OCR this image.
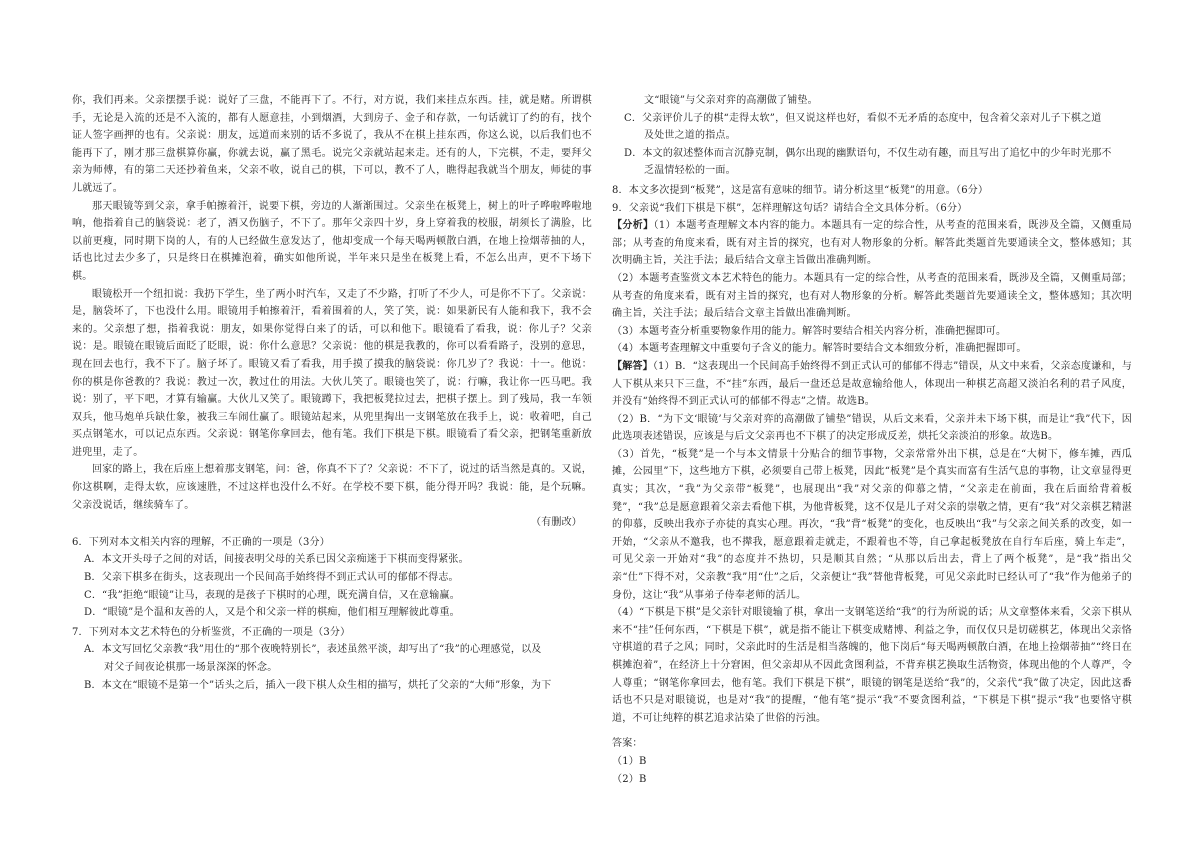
你，我们再来。父亲摆摆手说：说好了三盘，不能再下了。不行，对方说，我们来挂点东西。挂，就是赌。所谓棋手，无论是入流的还是不入流的，都有人愿意挂，小到烟酒，大到房子、金子和存款，一句话就订了约的有，找个证人签字画押的也有。父亲说：朋友，远道而来别的话不多说了，我从不在棋上挂东西，你这么说，以后我们也不能再下了，刚才那三盘棋算你赢，你就去说，赢了黑毛。说完父亲就站起来走。还有的人，下完棋，不走，要拜父亲为师傅，有的第二天还抄着鱼来，父亲不收，说自己的棋，下可以，教不了人，瞧得起我就当个朋友，师徒的事儿就远了。

那天眼镜等到父亲，拿手帕擦着汗，说要下棋，旁边的人渐渐围过。父亲坐在板凳上，树上的叶子哗啦哗啦地响，他指着自己的脑袋说：老了，酒又伤脑子，不下了。那年父亲四十岁，身上穿着我的校服，胡须长了满脸，比以前更瘦，同时期下岗的人，有的人已经做生意发达了，他却变成一个每天喝两顿散白酒，在地上捡烟蒂抽的人，话也比过去少多了，只是终日在棋摊泡着，确实如他所说，半年来只是坐在板凳上看，不怎么出声，更不下场下棋。

眼镜松开一个纽扣说：我扔下学生，坐了两小时汽车，又走了不少路，打听了不少人，可是你不下了。父亲说：是，脑袋坏了，下也没什么用。眼镜用手帕擦着汗，看着围着的人，笑了笑，说：如果新民有人能和我下，我不会来的。父亲想了想，指着我说：朋友，如果你觉得白来了的话，可以和他下。眼镜看了看我，说：你儿子？父亲说：是。眼镜在眼镜后面眨了眨眼，说：你什么意思？父亲说：他的棋是我教的，你可以看看路子，没别的意思，现在回去也行，我不下了。脑子坏了。眼镜又看了看我，用手摸了摸我的脑袋说：你几岁了？我说：十一。他说：你的棋是你爸教的？我说：教过一次，教过仕的用法。大伙儿笑了。眼镜也笑了，说：行嘛，我让你一匹马吧。我说：别了，平下吧，才算有输赢。大伙儿又笑了。眼镜蹲下，我把板凳拉过去，把棋子摆上。到了残局，我一车领双兵，他马炮单兵缺仕象，被我三车闹仕赢了。眼镜站起来，从兜里掏出一支钢笔放在我手上，说：收着吧，自己买点钢笔水，可以记点东西。父亲说：钢笔你拿回去，他有笔。我们下棋是下棋。眼镜看了看父亲，把钢笔重新放进兜里，走了。

回家的路上，我在后座上想着那支钢笔，问：爸，你真不下了？父亲说：不下了，说过的话当然是真的。又说，你这棋啊，走得太软，应该速胜，不过这样也没什么不好。在学校不要下棋，能分得开吗？我说：能，是个玩嘛。父亲没说话，继续骑车了。

（有删改）

6．下列对本文相关内容的理解，不正确的一项是（3分）

A．本文开头母子之间的对话，间接表明父母的关系已因父亲痴迷于下棋而变得紧张。

B．父亲下棋多在街头，这表现出一个民间高手始终得不到正式认可的郁郁不得志。

C．“我”拒绝“眼镜”让马，表现的是孩子下棋时的心理，既充满自信，又在意输赢。

D．“眼镜”是个温和友善的人，又是个和父亲一样的棋痴，他们相互理解彼此尊重。

7．下列对本文艺术特色的分析鉴赏，不正确的一项是（3分）

A．本文写回忆父亲教“我”用仕的“那个夜晚特别长”，表述虽然平淡，却写出了“我”的心理感觉，以及

对父子间夜论棋那一场景深深的怀念。

B．本文在“眼镜不是第一个”话头之后，插入一段下棋人众生相的描写，烘托了父亲的“大师”形象，为下

文“眼镜”与父亲对弈的高潮做了铺垫。

C．父亲评价儿子的棋“走得太软”，但又说这样也好，看似不无矛盾的态度中，包含着父亲对儿子下棋之道

及处世之道的指点。

D．本文的叙述整体而言沉静克制，偶尔出现的幽默语句，不仅生动有趣，而且写出了追忆中的少年时光那不

乏温情轻松的一面。

8．本文多次提到“板凳”，这是富有意味的细节。请分析这里“板凳”的用意。（6分）

9．父亲说“我们下棋是下棋”，怎样理解这句话？请结合全文具体分析。（6分）

【分析】（1）本题考查理解文本内容的能力。本题具有一定的综合性，从考查的范围来看，既涉及全篇，又侧重局部；从考查的角度来看，既有对主旨的探究，也有对人物形象的分析。解答此类题首先要通读全文，整体感知；其次明确主旨，关注手法；最后结合文章主旨做出准确判断。

（2）本题考查鉴赏文本艺术特色的能力。本题具有一定的综合性，从考查的范围来看，既涉及全篇，又侧重局部；从考查的角度来看，既有对主旨的探究，也有对人物形象的分析。解答此类题首先要通读全文，整体感知；其次明确主旨，关注手法；最后结合文章主旨做出准确判断。

（3）本题考查分析重要物象作用的能力。解答时要结合相关内容分析，准确把握即可。

（4）本题考查理解文中重要句子含义的能力。解答时要结合文本细致分析，准确把握即可。

【解答】（1）B．“这表现出一个民间高手始终得不到正式认可的郁郁不得志”错误，从文中来看，父亲态度谦和，与人下棋从来只下三盘，不“挂”东西，最后一盘还总是故意输给他人，体现出一种棋艺高超又淡泊名利的君子风度，并没有“始终得不到正式认可的郁郁不得志”之情。故选B。

（2）B．“为下文‘眼镜’与父亲对弈的高潮做了铺垫”错误，从后文来看，父亲并未下场下棋，而是让“我”代下，因此选项表述错误，应该是与后文父亲再也不下棋了的决定形成反差，烘托父亲淡泊的形象。故选B。

（3）首先，“板凳”是一个与本文情景十分贴合的细节事物，父亲常常外出下棋，总是在“大树下，修车摊，西瓜摊，公园里”下，这些地方下棋，必须要自己带上板凳，因此“板凳”是个真实而富有生活气息的事物，让文章显得更真实；其次，“我”为父亲带“板凳”，也展现出“我”对父亲的仰慕之情，“父亲走在前面，我在后面给背着板凳”，“我”总是愿意跟着父亲去看他下棋，为他背板凳，这不仅是儿子对父亲的崇敬之情，更有“我”对父亲棋艺精湛的仰慕，反映出我亦子亦徒的真实心理。再次，“我”背“板凳”的变化，也反映出“我”与父亲之间关系的改变，如一开始，“父亲从不邀我，也不撵我，愿意跟着走就走，不跟着也不等，自己拿起板凳放在自行车后座，骑上车走”，可见父亲一开始对“我”的态度并不热切，只是顺其自然；“从那以后出去，背上了两个板凳”，是“我”指出父亲“仕”下得不对，父亲教“我”用“仕”之后，父亲便让“我”替他背板凳，可见父亲此时已经认可了“我”作为他弟子的身份，这让“我”从事弟子侍奉老师的活儿。

（4）“下棋是下棋”是父亲针对眼镜输了棋，拿出一支钢笔送给“我”的行为所说的话；从文章整体来看，父亲下棋从来不“挂”任何东西，“下棋是下棋”，就是指不能让下棋变成赌博、利益之争，而仅仅只是切磋棋艺，体现出父亲恪守棋道的君子之风；同时，父亲此时的生活是相当落魄的，他下岗后“每天喝两顿散白酒，在地上捡烟蒂抽”“终日在棋摊泡着”，在经济上十分窘困，但父亲却从不因此贪图利益，不背弃棋艺换取生活物资，体现出他的个人尊严，令人尊重；“钢笔你拿回去，他有笔。我们下棋是下棋”，眼镜的钢笔是送给“我”的，父亲代“我”做了决定，因此这番话也不只是对眼镜说，也是对“我”的提醒，“他有笔”提示“我”不要贪图利益，“下棋是下棋”提示“我”也要恪守棋道，不可让纯粹的棋艺追求沾染了世俗的污浊。

答案：

（1）B

（2）B
